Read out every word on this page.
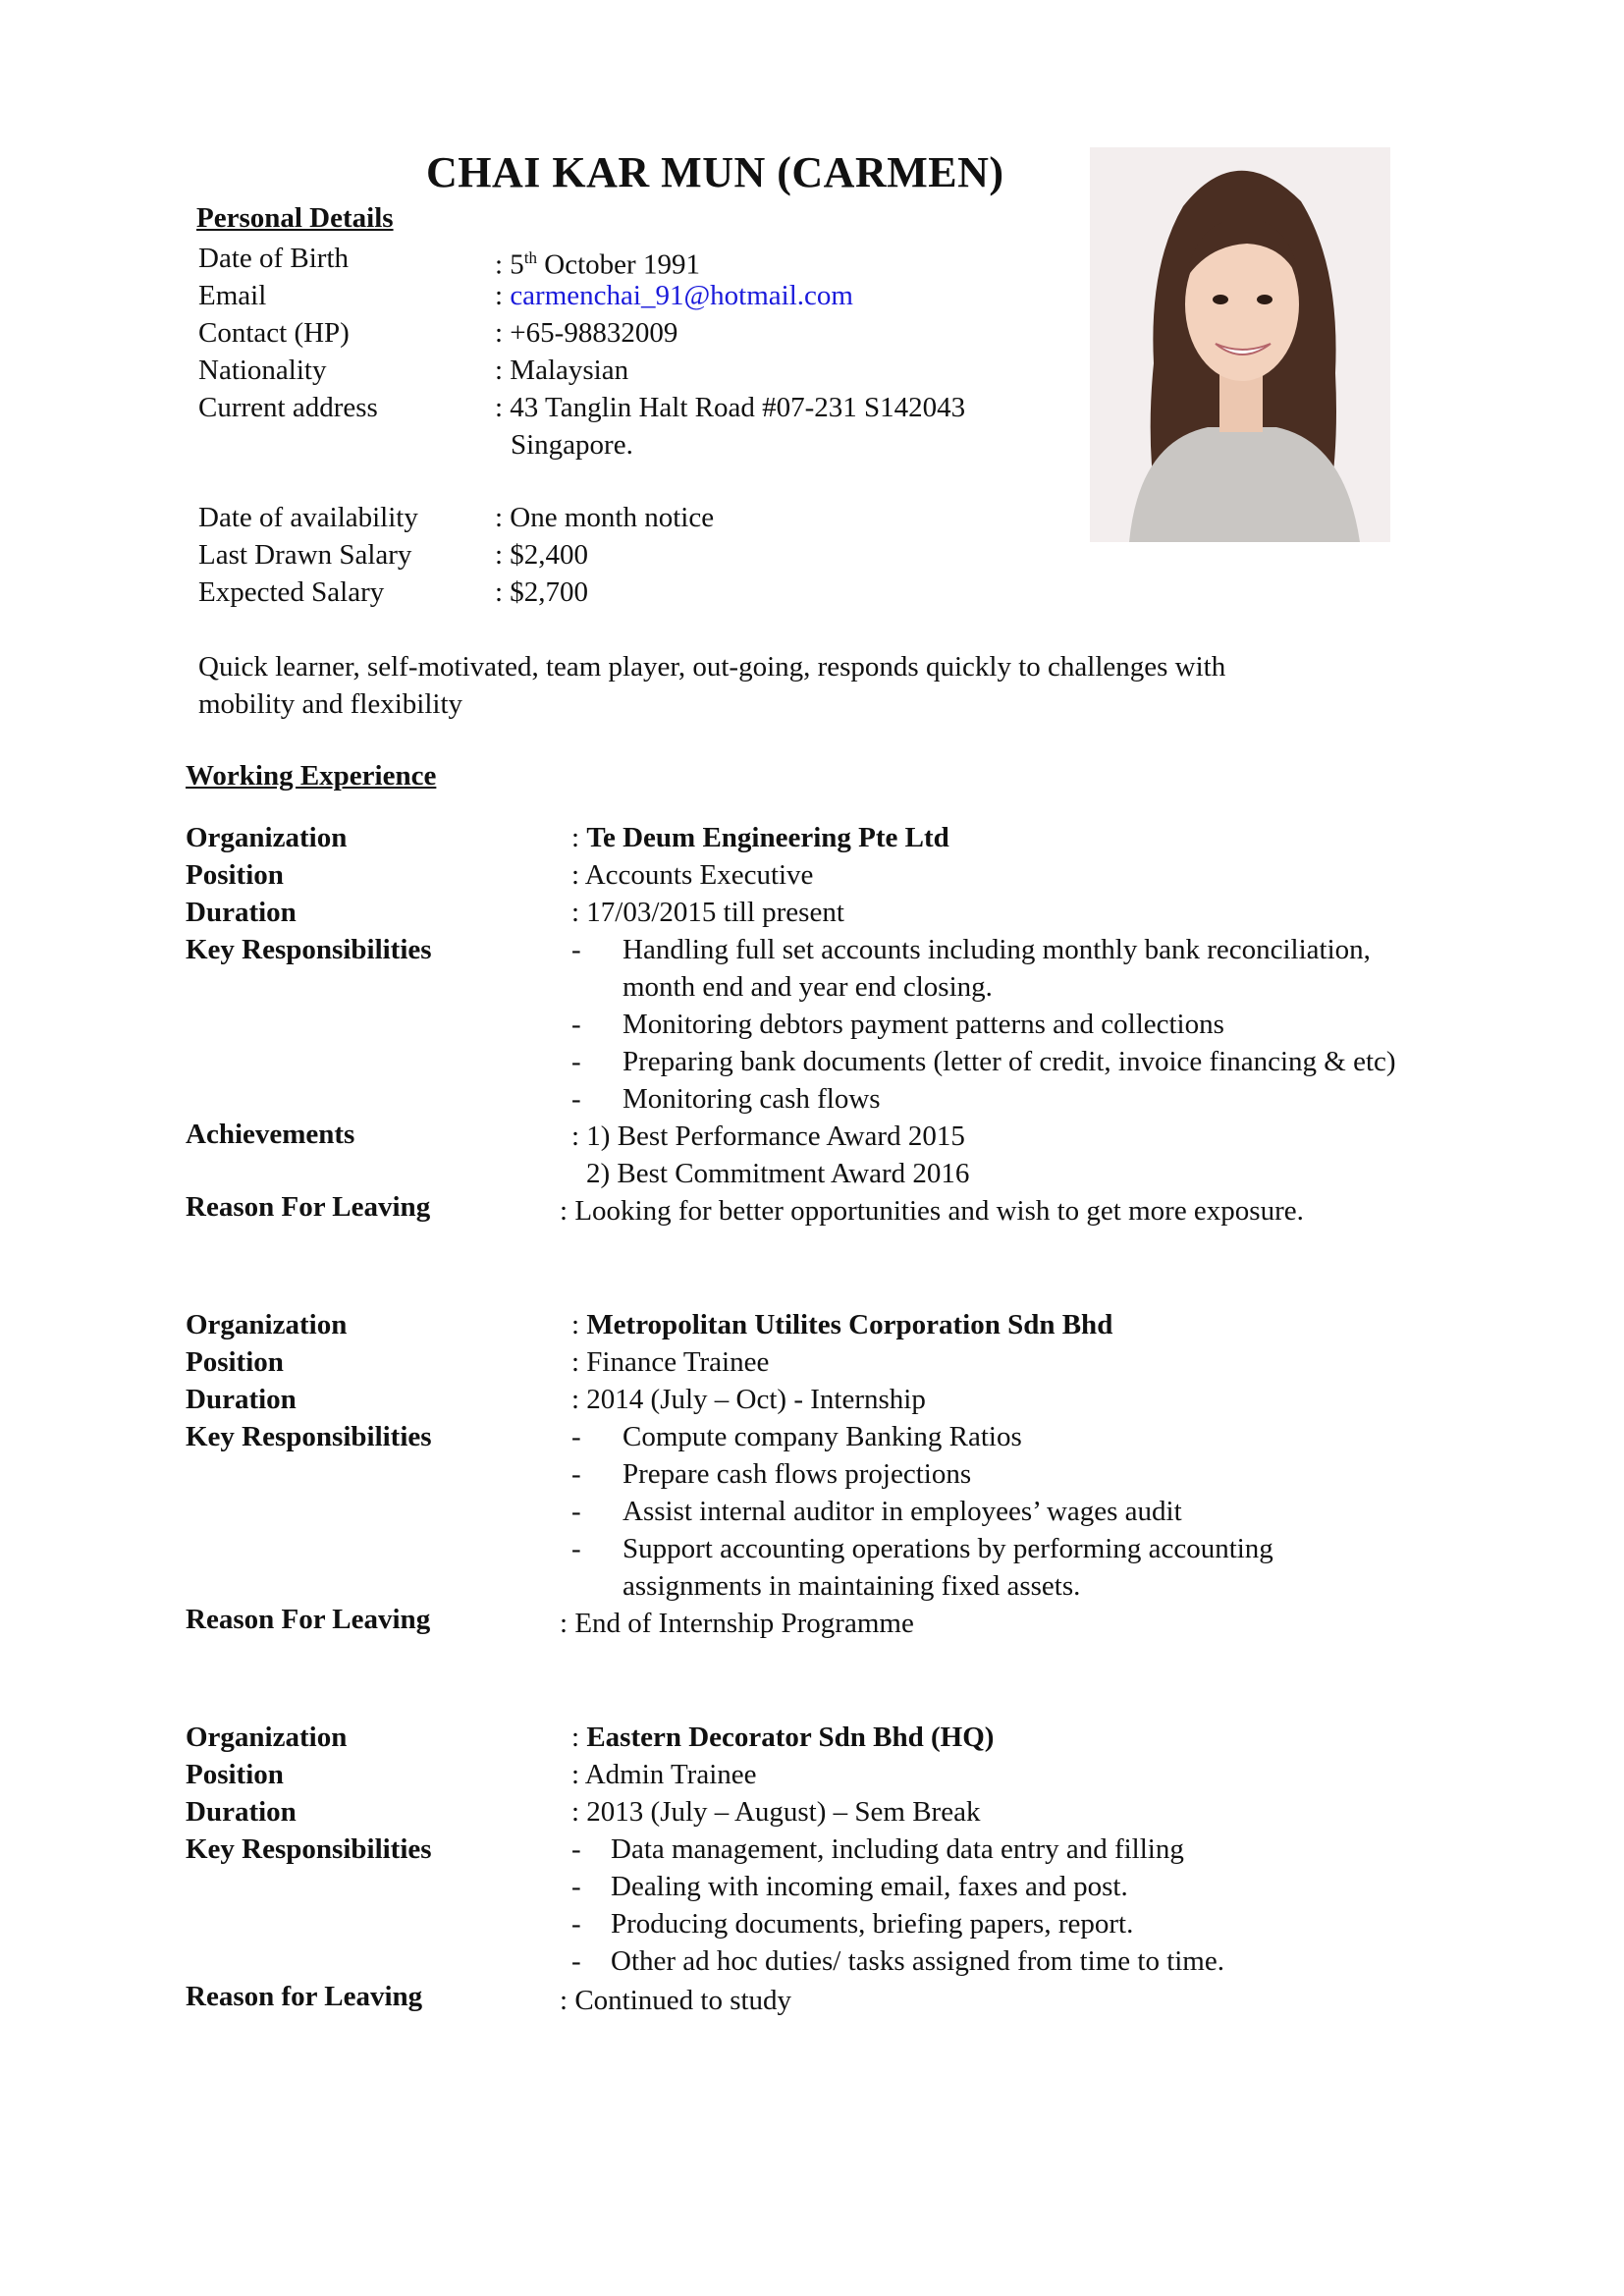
CHAI KAR MUN (CARMEN)
Personal Details
Date of Birth	: 5th October 1991
Email	: carmenchai_91@hotmail.com
Contact (HP)	: +65-98832009
Nationality	: Malaysian
Current address	: 43 Tanglin Halt Road #07-231 S142043
Singapore.
Date of availability	: One month notice
Last Drawn Salary	: $2,400
Expected Salary	: $2,700
Quick learner, self-motivated, team player, out-going, responds quickly to challenges with
mobility and flexibility
Working Experience
Organization	: Te Deum Engineering Pte Ltd
Position	: Accounts Executive
Duration	: 17/03/2015 till present
Key Responsibilities	- Handling full set accounts including monthly bank reconciliation,
month end and year end closing.
- Monitoring debtors payment patterns and collections
- Preparing bank documents (letter of credit, invoice financing & etc)
- Monitoring cash flows
Achievements	: 1) Best Performance Award 2015
2) Best Commitment Award 2016
Reason For Leaving	: Looking for better opportunities and wish to get more exposure.
Organization	: Metropolitan Utilites Corporation Sdn Bhd
Position	: Finance Trainee
Duration	: 2014 (July – Oct) - Internship
Key Responsibilities	- Compute company Banking Ratios
- Prepare cash flows projections
- Assist internal auditor in employees’ wages audit
- Support accounting operations by performing accounting
assignments in maintaining fixed assets.
Reason For Leaving	: End of Internship Programme
Organization	: Eastern Decorator Sdn Bhd (HQ)
Position	: Admin Trainee
Duration	: 2013 (July – August) – Sem Break
Key Responsibilities	- Data management, including data entry and filling
- Dealing with incoming email, faxes and post.
- Producing documents, briefing papers, report.
- Other ad hoc duties/ tasks assigned from time to time.
Reason for Leaving	: Continued to study
